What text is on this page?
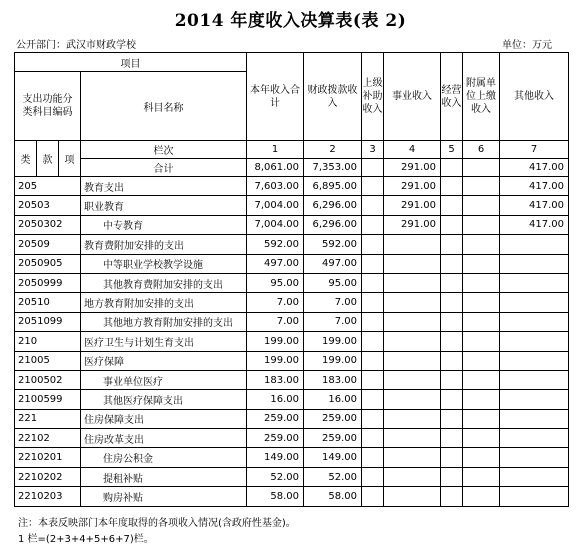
2014 年度收入决算表(表 2)
公开部门：武汉市财政学校	单位：万元
项目				本年收入合计	财政拨款收入	上级补助收入	事业收入	经营收入	附属单位上缴收入	其他收入
支出功能分类科目编码			科目名称							
类	款	项	栏次	1	2	3	4	5	6	7
			合计	8,061.00	7,353.00		291.00			417.00
205			教育支出	7,603.00	6,895.00		291.00			417.00
20503			职业教育	7,004.00	6,296.00		291.00			417.00
2050302			中专教育	7,004.00	6,296.00		291.00			417.00
20509			教育费附加安排的支出	592.00	592.00					
2050905			中等职业学校教学设施	497.00	497.00					
2050999			其他教育费附加安排的支出	95.00	95.00					
20510			地方教育附加安排的支出	7.00	7.00					
2051099			其他地方教育附加安排的支出	7.00	7.00					
210			医疗卫生与计划生育支出	199.00	199.00					
21005			医疗保障	199.00	199.00					
2100502			事业单位医疗	183.00	183.00					
2100599			其他医疗保障支出	16.00	16.00					
221			住房保障支出	259.00	259.00					
22102			住房改革支出	259.00	259.00					
2210201			住房公积金	149.00	149.00					
2210202			提租补贴	52.00	52.00					
2210203			购房补贴	58.00	58.00					
注：本表反映部门本年度取得的各项收入情况(含政府性基金)。
1 栏=(2+3+4+5+6+7)栏。
